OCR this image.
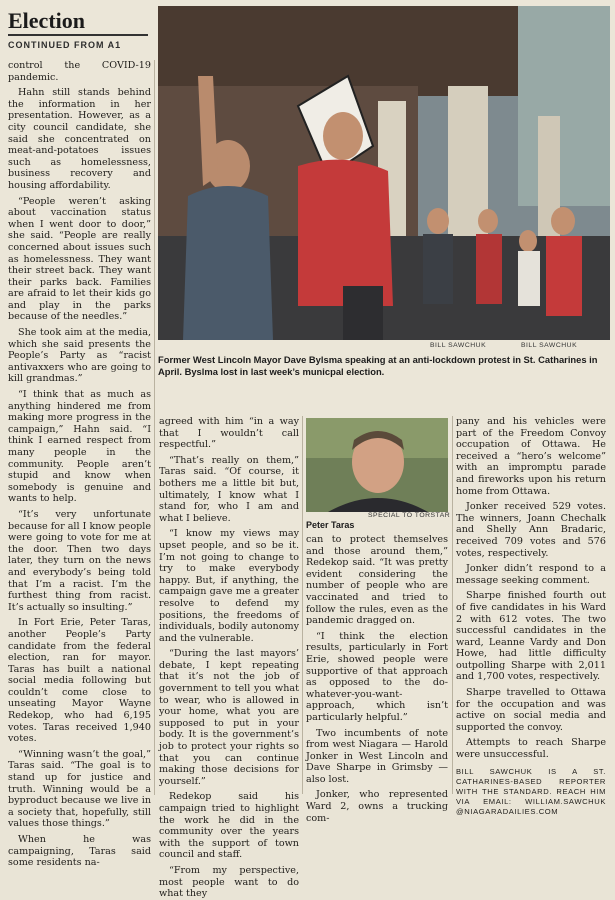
Election
CONTINUED FROM A1
BILL SAWCHUK	BILL SAWCHUK
Former West Lincoln Mayor Dave Bylsma speaking at an anti-lockdown protest in St. Catharines in April. Byslma lost in last week’s municpal election.
SPECIAL TO TORSTAR
Peter Taras

control the COVID-19 pandemic.

Hahn still stands behind the information in her presentation. However, as a city council candidate, she said she concentrated on meat-and-potatoes issues such as homelessness, business recovery and housing affordability.

“People weren’t asking about vaccination status when I went door to door,” she said. “People are really concerned about issues such as homelessness. They want their street back. They want their parks back. Families are afraid to let their kids go and play in the parks because of the needles.”

She took aim at the media, which she said presents the People’s Party as “racist antivaxxers who are going to kill grandmas.”

“I think that as much as anything hindered me from making more progress in the campaign,” Hahn said. “I think I earned respect from many people in the community. People aren’t stupid and know when somebody is genuine and wants to help.

“It’s very unfortunate because for all I know people were going to vote for me at the door. Then two days later, they turn on the news and everybody’s being told that I’m a racist. I’m the furthest thing from racist. It’s actually so insulting.”

In Fort Erie, Peter Taras, another People’s Party candidate from the federal election, ran for mayor. Taras has built a national social media following but couldn’t come close to unseating Mayor Wayne Redekop, who had 6,195 votes. Taras received 1,940 votes.

“Winning wasn’t the goal,” Taras said. “The goal is to stand up for justice and truth. Winning would be a byproduct because we live in a society that, hopefully, still values those things.”

When he was campaigning, Taras said some residents na-

agreed with him “in a way that I wouldn’t call respectful.”

“That’s really on them,” Taras said. “Of course, it bothers me a little bit but, ultimately, I know what I stand for, who I am and what I believe.

“I know my views may upset people, and so be it. I’m not going to change to try to make everybody happy. But, if anything, the campaign gave me a greater resolve to defend my positions, the freedoms of individuals, bodily autonomy and the vulnerable.

“During the last mayors’ debate, I kept repeating that it’s not the job of government to tell you what to wear, who is allowed in your home, what you are supposed to put in your body. It is the government’s job to protect your rights so that you can continue making those decisions for yourself.”

Redekop said his campaign tried to highlight the work he did in the community over the years with the support of town council and staff.

“From my perspective, most people want to do what they

can to protect themselves and those around them,” Redekop said. “It was pretty evident considering the number of people who are vaccinated and tried to follow the rules, even as the pandemic dragged on.

“I think the election results, particularly in Fort Erie, showed people were supportive of that approach as opposed to the do-whatever-you-want-approach, which isn’t particularly helpful.”

Two incumbents of note from west Niagara — Harold Jonker in West Lincoln and Dave Sharpe in Grimsby — also lost.

Jonker, who represented Ward 2, owns a trucking com-

pany and his vehicles were part of the Freedom Convoy occupation of Ottawa. He received a “hero’s welcome” with an impromptu parade and fireworks upon his return home from Ottawa.

Jonker received 529 votes. The winners, Joann Chechalk and Shelly Ann Bradaric, received 709 votes and 576 votes, respectively.

Jonker didn’t respond to a message seeking comment.

Sharpe finished fourth out of five candidates in his Ward 2 with 612 votes. The two successful candidates in the ward, Leanne Vardy and Don Howe, had little difficulty outpolling Sharpe with 2,011 and 1,700 votes, respectively.

Sharpe travelled to Ottawa for the occupation and was active on social media and supported the convoy.

Attempts to reach Sharpe were unsuccessful.

BILL SAWCHUK IS A ST. CATHARINES-BASED REPORTER WITH THE STANDARD. REACH HIM VIA EMAIL: WILLIAM.SAWCHUK @NIAGARADAILIES.COM
